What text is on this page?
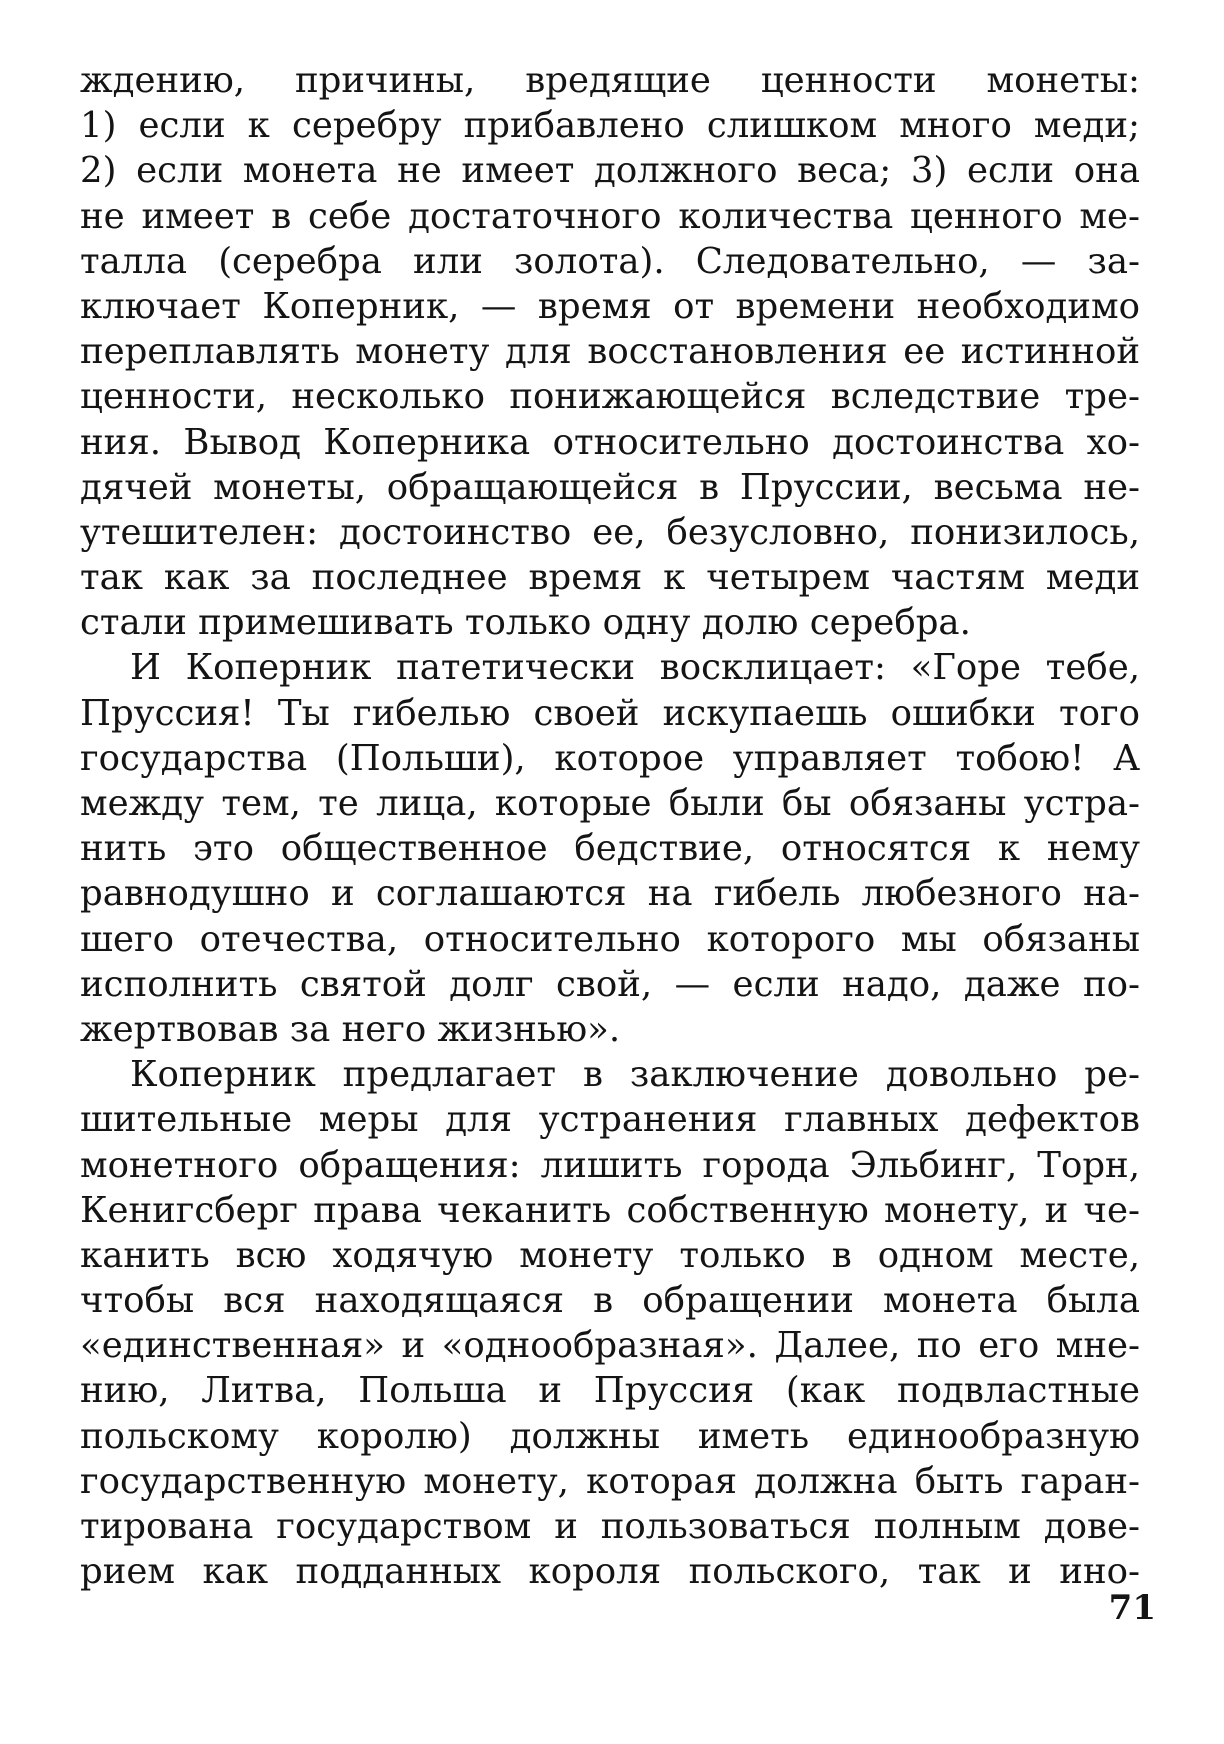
ждению, причины, вредящие ценности монеты:
1) если к серебру прибавлено слишком много меди;
2) если монета не имеет должного веса; 3) если она
не имеет в себе достаточного количества ценного ме-
талла (серебра или золота). Следовательно, — за-
ключает Коперник, — время от времени необходимо
переплавлять монету для восстановления ее истинной
ценности, несколько понижающейся вследствие тре-
ния. Вывод Коперника относительно достоинства хо-
дячей монеты, обращающейся в Пруссии, весьма не-
утешителен: достоинство ее, безусловно, понизилось,
так как за последнее время к четырем частям меди
стали примешивать только одну долю серебра.
И Коперник патетически восклицает: «Горе тебе,
Пруссия! Ты гибелью своей искупаешь ошибки того
государства (Польши), которое управляет тобою! А
между тем, те лица, которые были бы обязаны устра-
нить это общественное бедствие, относятся к нему
равнодушно и соглашаются на гибель любезного на-
шего отечества, относительно которого мы обязаны
исполнить святой долг свой, — если надо, даже по-
жертвовав за него жизнью».
Коперник предлагает в заключение довольно ре-
шительные меры для устранения главных дефектов
монетного обращения: лишить города Эльбинг, Торн,
Кенигсберг права чеканить собственную монету, и че-
канить всю ходячую монету только в одном месте,
чтобы вся находящаяся в обращении монета была
«единственная» и «однообразная». Далее, по его мне-
нию, Литва, Польша и Пруссия (как подвластные
польскому королю) должны иметь единообразную
государственную монету, которая должна быть гаран-
тирована государством и пользоваться полным дове-
рием как подданных короля польского, так и ино-
71
